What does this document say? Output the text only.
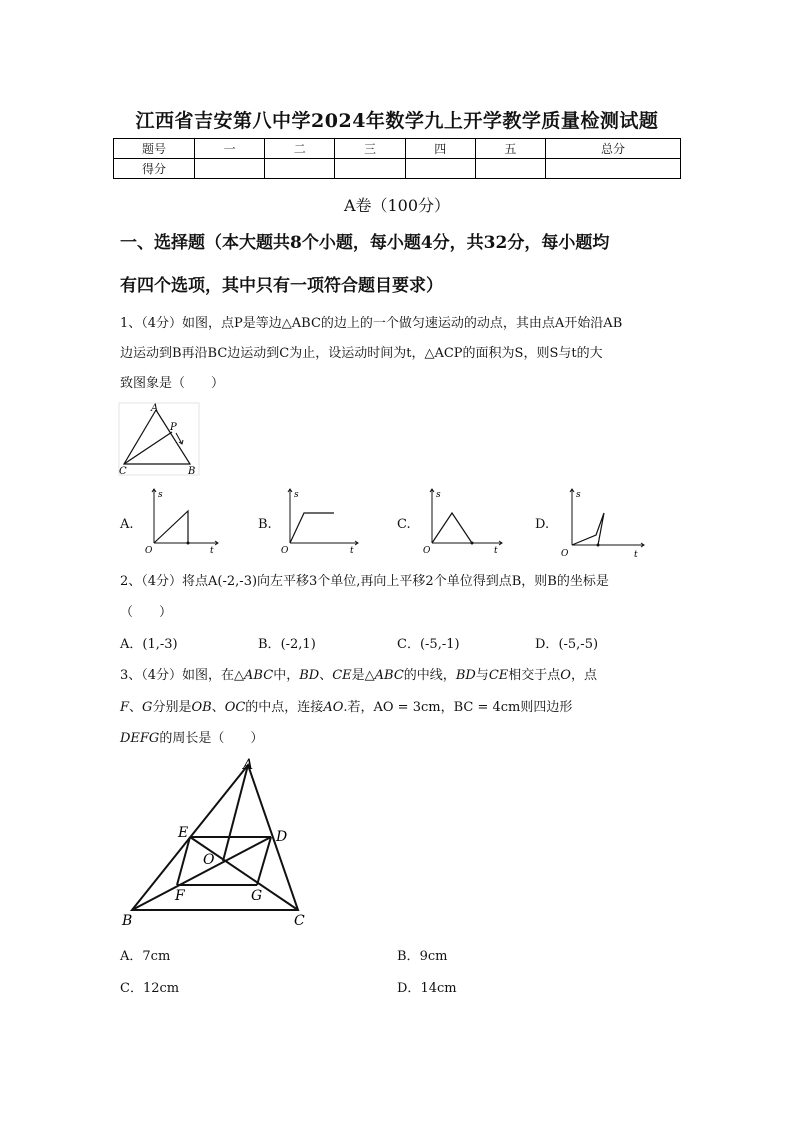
江西省吉安第八中学2024年数学九上开学教学质量检测试题
题号	一	二	三	四	五	总分
得分						
A卷（100分）
一、选择题（本大题共8个小题，每小题4分，共32分，每小题均
有四个选项，其中只有一项符合题目要求）
1、（4分）如图，点P是等边△ABC的边上的一个做匀速运动的动点，其由点A开始沿AB
边运动到B再沿BC边运动到C为止，设运动时间为t，△ACP的面积为S，则S与t的大
致图象是（　　）
A
C	B
P
A.
s
t
O
B.
s
t
O
C.
s
t
O
D.
s
t
O
2、（4分）将点A(-2,-3)向左平移3个单位,再向上平移2个单位得到点B，则B的坐标是
（　　）
A．(1,-3)	B．(-2,1)	C．(-5,-1)	D．(-5,-5)
3、（4分）如图，在△ABC中，BD、CE是△ABC的中线，BD与CE相交于点O，点
F、G分别是OB、OC的中点，连接AO.若，AO = 3cm，BC = 4cm则四边形
DEFG的周长是（　　）
A
E	D
O
F	G
B	C
A．7cm	B．9cm
C．12cm	D．14cm
